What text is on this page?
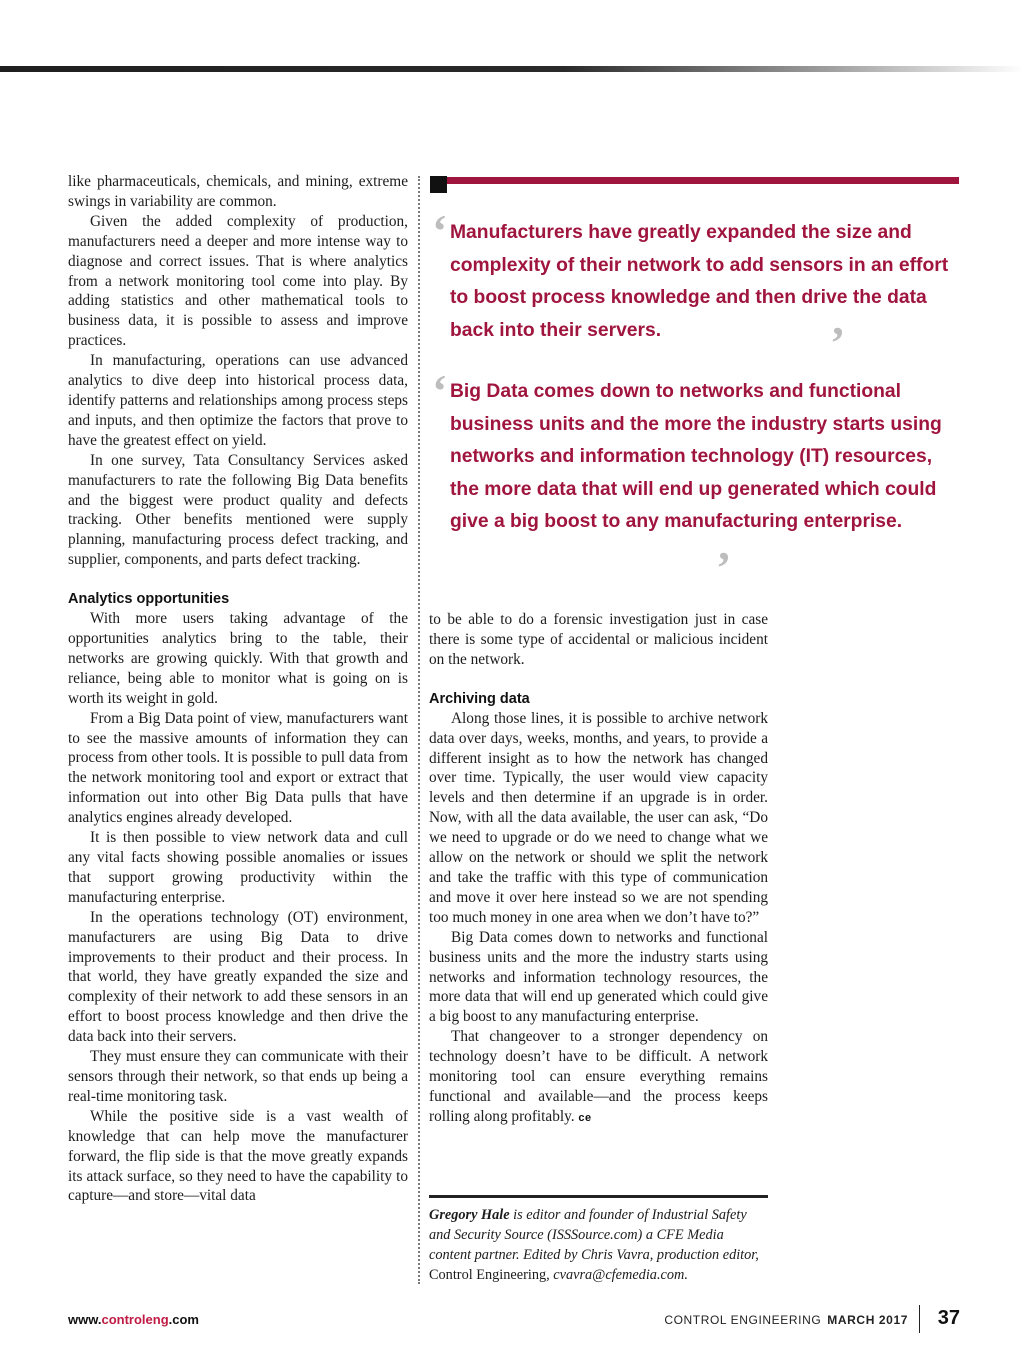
like pharmaceuticals, chemicals, and mining, extreme swings in variability are common.

Given the added complexity of production, manufacturers need a deeper and more intense way to diagnose and correct issues. That is where analytics from a network monitoring tool come into play. By adding statistics and other mathematical tools to business data, it is possible to assess and improve practices.

In manufacturing, operations can use advanced analytics to dive deep into historical process data, identify patterns and relationships among process steps and inputs, and then optimize the factors that prove to have the greatest effect on yield.

In one survey, Tata Consultancy Services asked manufacturers to rate the following Big Data benefits and the biggest were product quality and defects tracking. Other benefits mentioned were supply planning, manufacturing process defect tracking, and supplier, components, and parts defect tracking.

Analytics opportunities

With more users taking advantage of the opportunities analytics bring to the table, their networks are growing quickly. With that growth and reliance, being able to monitor what is going on is worth its weight in gold.

From a Big Data point of view, manufacturers want to see the massive amounts of information they can process from other tools. It is possible to pull data from the network monitoring tool and export or extract that information out into other Big Data pulls that have analytics engines already developed.

It is then possible to view network data and cull any vital facts showing possible anomalies or issues that support growing productivity within the manufacturing enterprise.

In the operations technology (OT) environment, manufacturers are using Big Data to drive improvements to their product and their process. In that world, they have greatly expanded the size and complexity of their network to add these sensors in an effort to boost process knowledge and then drive the data back into their servers.

They must ensure they can communicate with their sensors through their network, so that ends up being a real-time monitoring task.

While the positive side is a vast wealth of knowledge that can help move the manufacturer forward, the flip side is that the move greatly expands its attack surface, so they need to have the capability to capture—and store—vital data

‘ Manufacturers have greatly expanded the size and complexity of their network to add sensors in an effort to boost process knowledge and then drive the data back into their servers.	’
‘ Big Data comes down to networks and functional business units and the more the industry starts using networks and information technology (IT) resources, the more data that will end up generated which could give a big boost to any manufacturing enterprise.

’

to be able to do a forensic investigation just in case there is some type of accidental or malicious incident on the network.

Archiving data

Along those lines, it is possible to archive network data over days, weeks, months, and years, to provide a different insight as to how the network has changed over time. Typically, the user would view capacity levels and then determine if an upgrade is in order. Now, with all the data available, the user can ask, “Do we need to upgrade or do we need to change what we allow on the network or should we split the network and take the traffic with this type of communication and move it over here instead so we are not spending too much money in one area when we don’t have to?”

Big Data comes down to networks and functional business units and the more the industry starts using networks and information technology resources, the more data that will end up generated which could give a big boost to any manufacturing enterprise.

That changeover to a stronger dependency on technology doesn’t have to be difficult. A network monitoring tool can ensure everything remains functional and available—and the process keeps rolling along profitably. ce

Gregory Hale is editor and founder of Industrial Safety and Security Source (ISSSource.com) a CFE Media content partner. Edited by Chris Vavra, production editor, Control Engineering, cvavra@cfemedia.com.

www.controleng.com	CONTROL ENGINEERING MARCH 2017 37
